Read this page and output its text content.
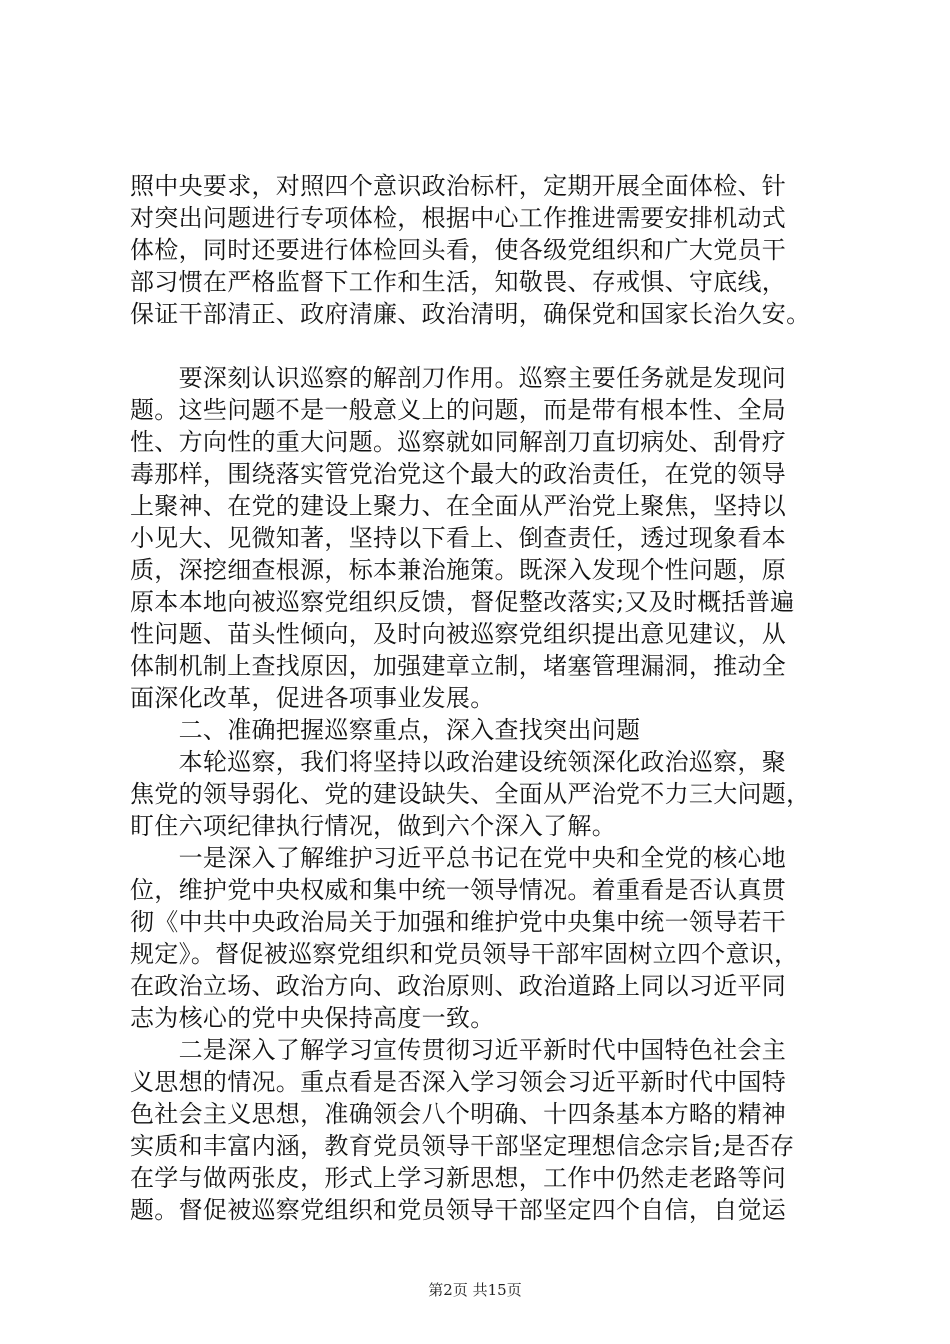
照中央要求，对照四个意识政治标杆，定期开展全面体检、针
对突出问题进行专项体检，根据中心工作推进需要安排机动式
体检，同时还要进行体检回头看，使各级党组织和广大党员干
部习惯在严格监督下工作和生活，知敬畏、存戒惧、守底线，
保证干部清正、政府清廉、政治清明，确保党和国家长治久安。
　　要深刻认识巡察的解剖刀作用。巡察主要任务就是发现问
题。这些问题不是一般意义上的问题，而是带有根本性、全局
性、方向性的重大问题。巡察就如同解剖刀直切病处、刮骨疗
毒那样，围绕落实管党治党这个最大的政治责任，在党的领导
上聚神、在党的建设上聚力、在全面从严治党上聚焦，坚持以
小见大、见微知著，坚持以下看上、倒查责任，透过现象看本
质，深挖细查根源，标本兼治施策。既深入发现个性问题，原
原本本地向被巡察党组织反馈，督促整改落实;又及时概括普遍
性问题、苗头性倾向，及时向被巡察党组织提出意见建议，从
体制机制上查找原因，加强建章立制，堵塞管理漏洞，推动全
面深化改革，促进各项事业发展。
　　二、准确把握巡察重点，深入查找突出问题
　　本轮巡察，我们将坚持以政治建设统领深化政治巡察，聚
焦党的领导弱化、党的建设缺失、全面从严治党不力三大问题，
盯住六项纪律执行情况，做到六个深入了解。
　　一是深入了解维护习近平总书记在党中央和全党的核心地
位，维护党中央权威和集中统一领导情况。着重看是否认真贯
彻《中共中央政治局关于加强和维护党中央集中统一领导若干
规定》。督促被巡察党组织和党员领导干部牢固树立四个意识，
在政治立场、政治方向、政治原则、政治道路上同以习近平同
志为核心的党中央保持高度一致。
　　二是深入了解学习宣传贯彻习近平新时代中国特色社会主
义思想的情况。重点看是否深入学习领会习近平新时代中国特
色社会主义思想，准确领会八个明确、十四条基本方略的精神
实质和丰富内涵，教育党员领导干部坚定理想信念宗旨;是否存
在学与做两张皮，形式上学习新思想，工作中仍然走老路等问
题。督促被巡察党组织和党员领导干部坚定四个自信，自觉运
第2页 共15页
